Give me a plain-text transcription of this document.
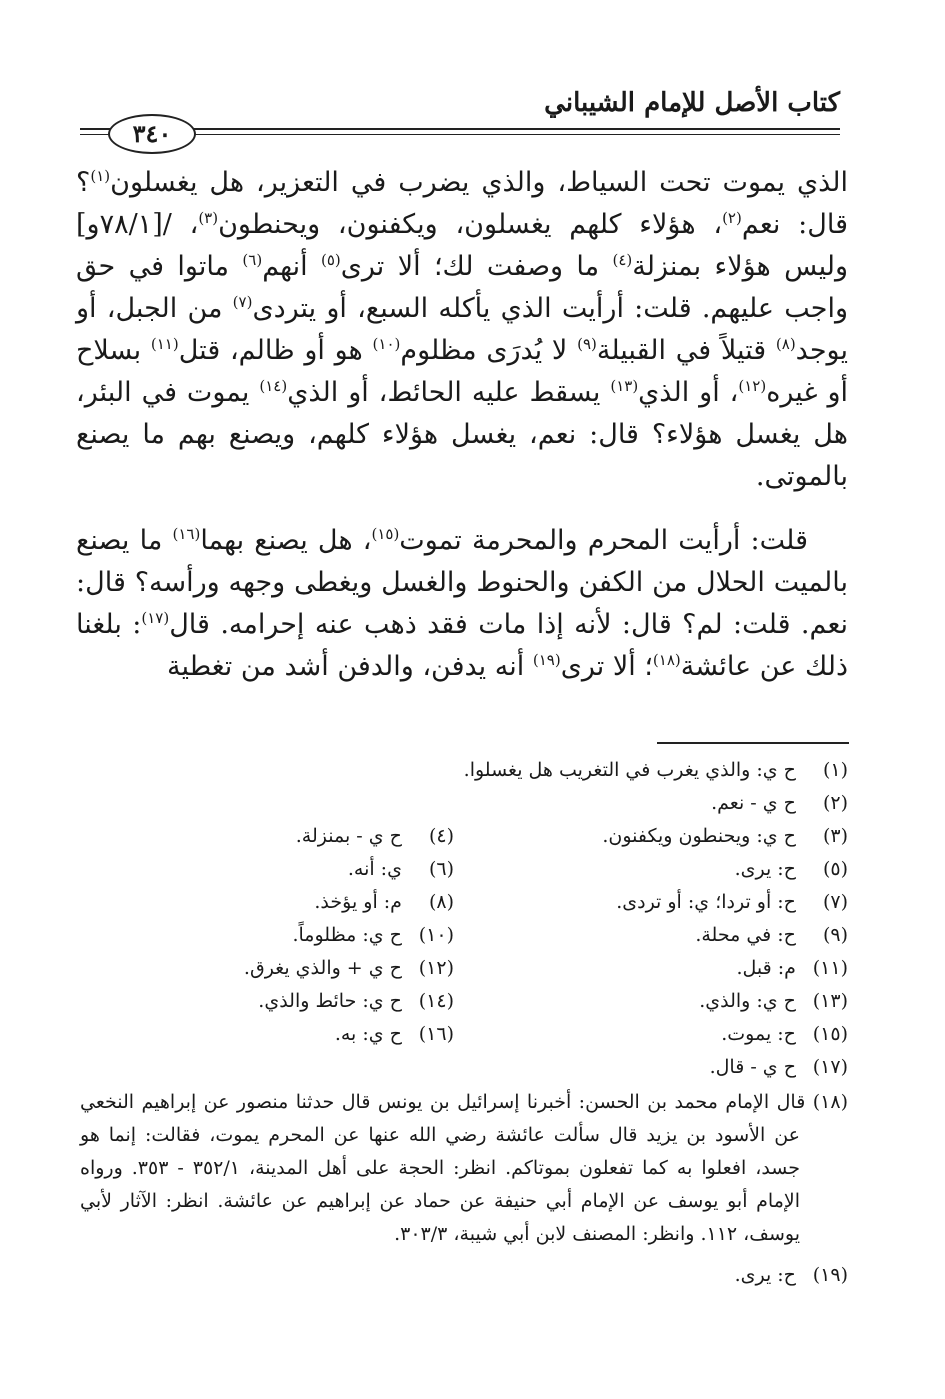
كتاب الأصل للإمام الشيباني
٣٤٠

الذي يموت تحت السياط، والذي يضرب في التعزير، هل يغسلون$^{(١)}$؟ قال: نعم$^{(٢)}$، هؤلاء كلهم يغسلون، ويكفنون، ويحنطون$^{(٣)}$، /[٧٨/١و] وليس هؤلاء بمنزلة$^{(٤)}$ ما وصفت لك؛ ألا ترى$^{(٥)}$ أنهم$^{(٦)}$ ماتوا في حق واجب عليهم. قلت: أرأيت الذي يأكله السبع، أو يتردى$^{(٧)}$ من الجبل، أو يوجد$^{(٨)}$ قتيلاً في القبيلة$^{(٩)}$ لا يُدرَى مظلوم$^{(١٠)}$ هو أو ظالم، قتل$^{(١١)}$ بسلاح أو غيره$^{(١٢)}$، أو الذي$^{(١٣)}$ يسقط عليه الحائط، أو الذي$^{(١٤)}$ يموت في البئر، هل يغسل هؤلاء؟ قال: نعم، يغسل هؤلاء كلهم، ويصنع بهم ما يصنع بالموتى.

قلت: أرأيت المحرم والمحرمة تموت$^{(١٥)}$، هل يصنع بهما$^{(١٦)}$ ما يصنع بالميت الحلال من الكفن والحنوط والغسل ويغطى وجهه ورأسه؟ قال: نعم. قلت: لم؟ قال: لأنه إذا مات فقد ذهب عنه إحرامه. قال$^{(١٧)}$: بلغنا ذلك عن عائشة$^{(١٨)}$؛ ألا ترى$^{(١٩)}$ أنه يدفن، والدفن أشد من تغطية

(١) ح ي: والذي يغرب في التغريب هل يغسلوا.
(٢) ح ي - نعم.
(٣) ح ي: ويحنطون ويكفنون.
(٤) ح ي - بمنزلة.
(٥) ح: يرى.
(٦) ي: أنه.
(٧) ح: أو تردا؛ ي: أو تردى.
(٨) م: أو يؤخذ.
(٩) ح: في محلة.
(١٠) ح ي: مظلوماً.
(١١) م: قبل.
(١٢) ح ي + والذي يغرق.
(١٣) ح ي: والذي.
(١٤) ح ي: حائط والذي.
(١٥) ح: يموت.
(١٦) ح ي: به.
(١٧) ح ي - قال.
(١٨) قال الإمام محمد بن الحسن: أخبرنا إسرائيل بن يونس قال حدثنا منصور عن إبراهيم النخعي عن الأسود بن يزيد قال سألت عائشة رضي الله عنها عن المحرم يموت، فقالت: إنما هو جسد، افعلوا به كما تفعلون بموتاكم. انظر: الحجة على أهل المدينة، ٣٥٢/١ - ٣٥٣. ورواه الإمام أبو يوسف عن الإمام أبي حنيفة عن حماد عن إبراهيم عن عائشة. انظر: الآثار لأبي يوسف، ١١٢. وانظر: المصنف لابن أبي شيبة، ٣٠٣/٣.
(١٩) ح: يرى.
